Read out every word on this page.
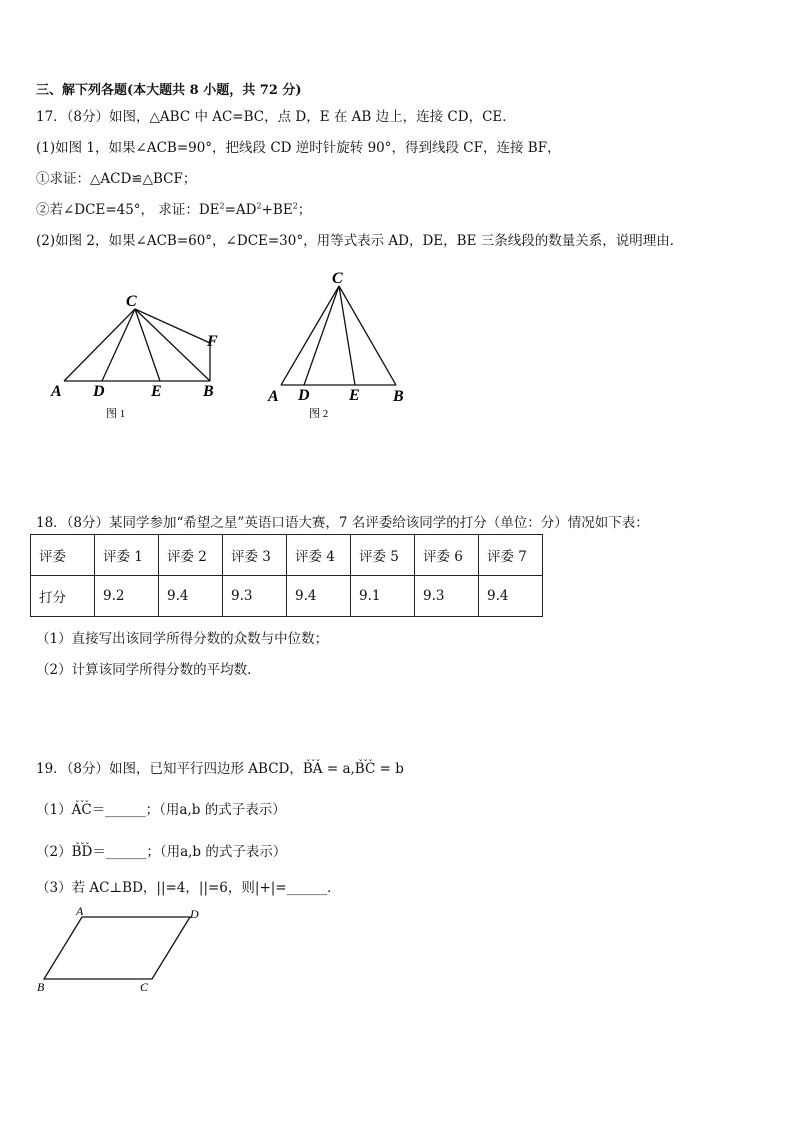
三、解下列各题(本大题共 8 小题，共 72 分)
17．（8分）如图，△ABC 中 AC=BC，点 D，E 在 AB 边上，连接 CD，CE．
(1)如图 1，如果∠ACB=90°，把线段 CD 逆时针旋转 90°，得到线段 CF，连接 BF，
①求证：△ACD≌△BCF；
②若∠DCE=45°， 求证：$DE^2=AD^2+BE^2$；
(2)如图 2，如果∠ACB=60°，∠DCE=30°，用等式表示 AD，DE，BE 三条线段的数量关系，说明理由．
C
F
A D	E	B
图 1
C
A D E B
图 2
18．（8分）某同学参加“希望之星”英语口语大赛，7 名评委给该同学的打分（单位：分）情况如下表：
评委	评委 1	评委 2	评委 3	评委 4	评委 5	评委 6	评委 7
打分	9.2	9.4	9.3	9.4	9.1	9.3	9.4
（1）直接写出该同学所得分数的众数与中位数；
（2）计算该同学所得分数的平均数.
19．（8分）如图，已知平行四边形 ABCD，
⌄⌄⌄
BA = a,
⌄⌄⌄
BC = b
（1）
⌄⌄⌄
AC＝______；（用a,b 的式子表示）
（2）
⌄⌄⌄
BD＝______；（用a,b 的式子表示）
（3）若 AC⊥BD，||=4，||=6，则|+|=______．
A	D
B	C
